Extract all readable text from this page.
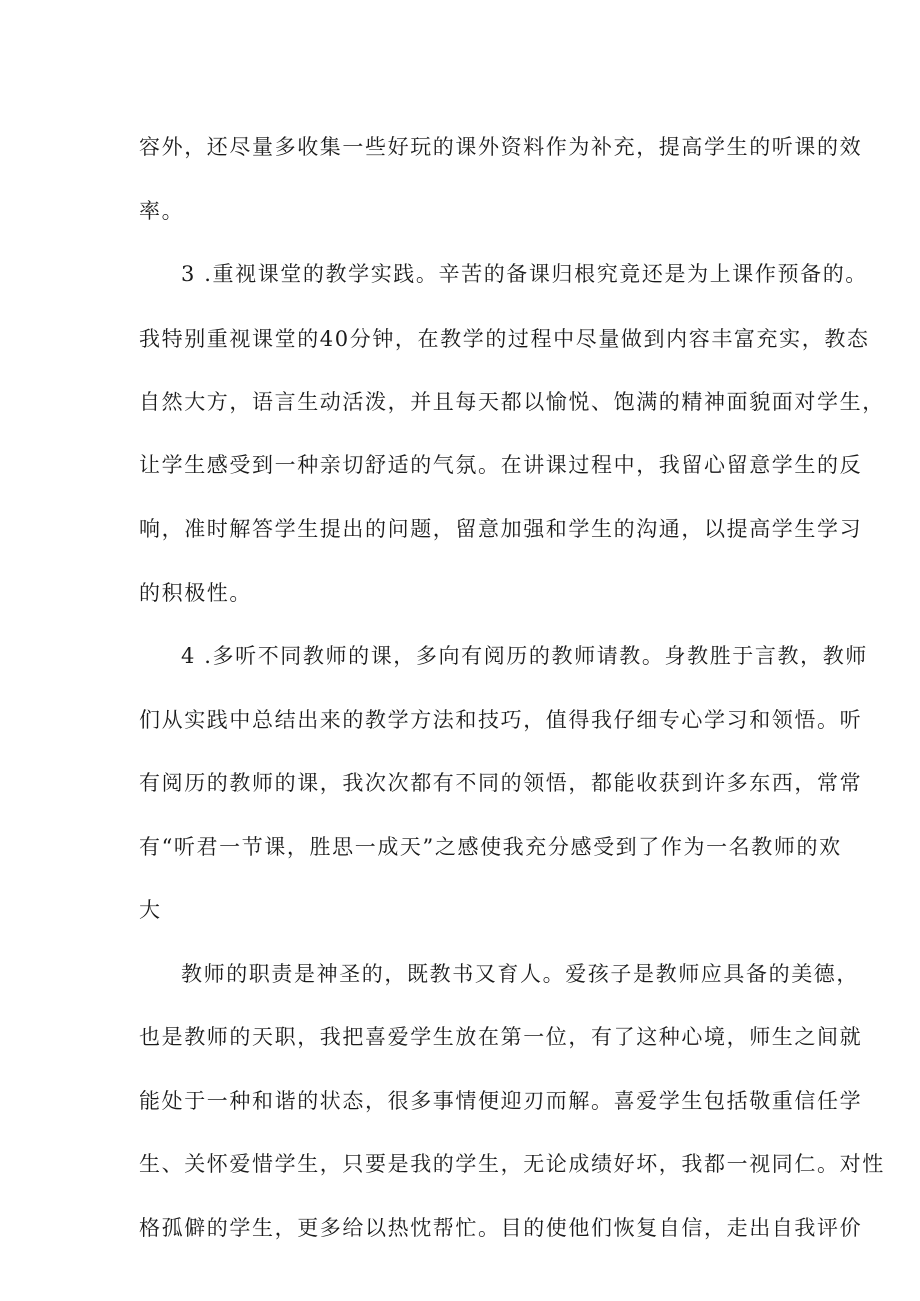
容外，还尽量多收集一些好玩的课外资料作为补充，提高学生的听课的效
率。
3 .重视课堂的教学实践。辛苦的备课归根究竟还是为上课作预备的。
我特别重视课堂的40分钟，在教学的过程中尽量做到内容丰富充实，教态
自然大方，语言生动活泼，并且每天都以愉悦、饱满的精神面貌面对学生，
让学生感受到一种亲切舒适的气氛。在讲课过程中，我留心留意学生的反
响，准时解答学生提出的问题，留意加强和学生的沟通，以提高学生学习
的积极性。
4 .多听不同教师的课，多向有阅历的教师请教。身教胜于言教，教师
们从实践中总结出来的教学方法和技巧，值得我仔细专心学习和领悟。听
有阅历的教师的课，我次次都有不同的领悟，都能收获到许多东西，常常
有“听君一节课，胜思一成天”之感使我充分感受到了作为一名教师的欢
大
教师的职责是神圣的，既教书又育人。爱孩子是教师应具备的美德，
也是教师的天职，我把喜爱学生放在第一位，有了这种心境，师生之间就
能处于一种和谐的状态，很多事情便迎刃而解。喜爱学生包括敬重信任学
生、关怀爱惜学生，只要是我的学生，无论成绩好坏，我都一视同仁。对性
格孤僻的学生，更多给以热忱帮忙。目的使他们恢复自信，走出自我评价
